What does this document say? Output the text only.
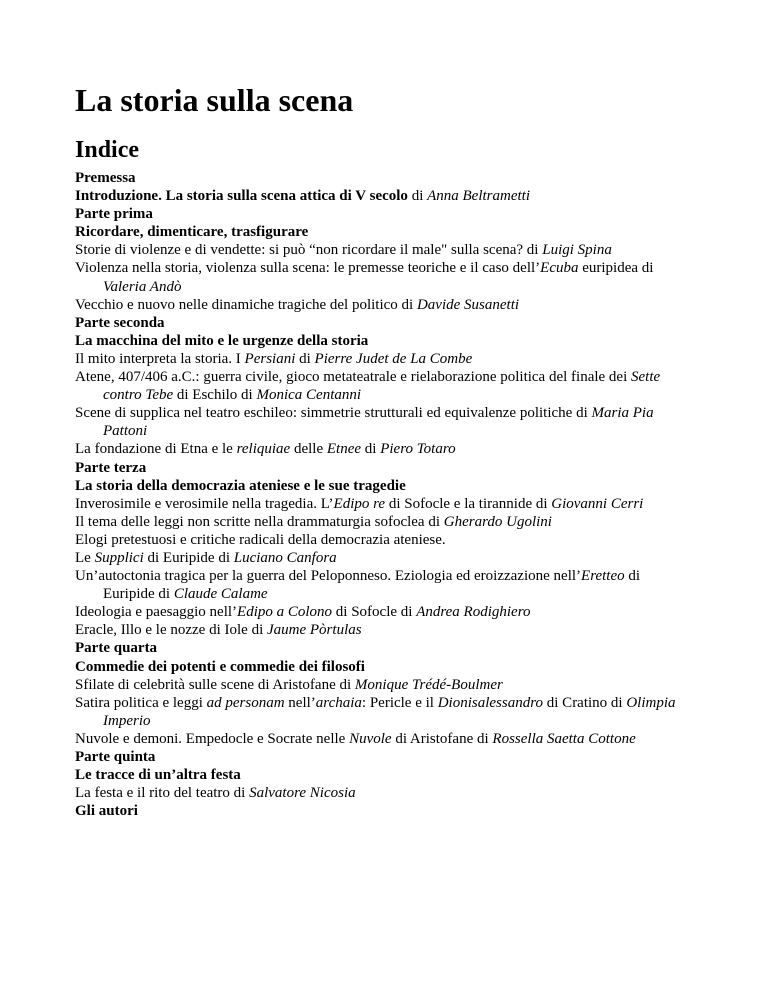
La storia sulla scena
Indice
Premessa
Introduzione. La storia sulla scena attica di V secolo di Anna Beltrametti
Parte prima
Ricordare, dimenticare, trasfigurare
Storie di violenze e di vendette: si può “non ricordare il male" sulla scena? di Luigi Spina
Violenza nella storia, violenza sulla scena: le premesse teoriche e il caso dell’Ecuba euripidea di Valeria Andò
Vecchio e nuovo nelle dinamiche tragiche del politico di Davide Susanetti
Parte seconda
La macchina del mito e le urgenze della storia
Il mito interpreta la storia. I Persiani di Pierre Judet de La Combe
Atene, 407/406 a.C.: guerra civile, gioco metateatrale e rielaborazione politica del finale dei Sette contro Tebe di Eschilo di Monica Centanni
Scene di supplica nel teatro eschileo: simmetrie strutturali ed equivalenze politiche di Maria Pia Pattoni
La fondazione di Etna e le reliquiae delle Etnee di Piero Totaro
Parte terza
La storia della democrazia ateniese e le sue tragedie
Inverosimile e verosimile nella tragedia. L’Edipo re di Sofocle e la tirannide di Giovanni Cerri
Il tema delle leggi non scritte nella drammaturgia sofoclea di Gherardo Ugolini
Elogi pretestuosi e critiche radicali della democrazia ateniese.
Le Supplici di Euripide di Luciano Canfora
Un’autoctonia tragica per la guerra del Peloponneso. Eziologia ed eroizzazione nell’Eretteo di Euripide di Claude Calame
Ideologia e paesaggio nell’Edipo a Colono di Sofocle di Andrea Rodighiero
Eracle, Illo e le nozze di Iole di Jaume Pòrtulas
Parte quarta
Commedie dei potenti e commedie dei filosofi
Sfilate di celebrità sulle scene di Aristofane di Monique Trédé-Boulmer
Satira politica e leggi ad personam nell’archaia: Pericle e il Dionisalessandro di Cratino di Olimpia Imperio
Nuvole e demoni. Empedocle e Socrate nelle Nuvole di Aristofane di Rossella Saetta Cottone
Parte quinta
Le tracce di un’altra festa
La festa e il rito del teatro di Salvatore Nicosia
Gli autori
